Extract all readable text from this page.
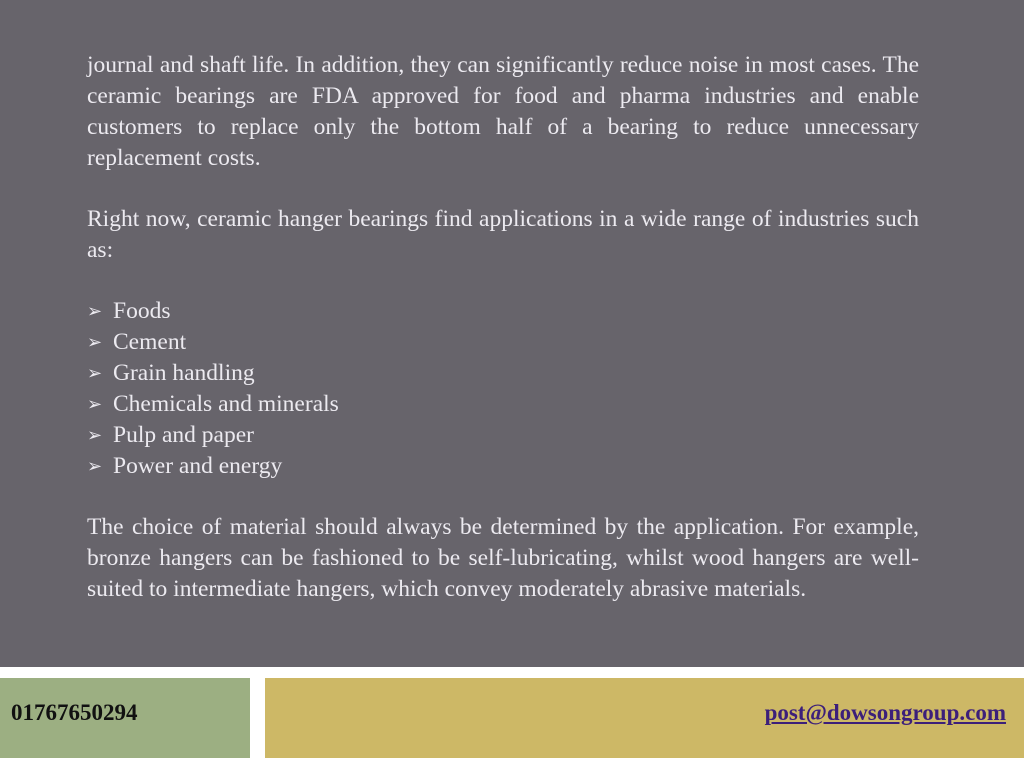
journal and shaft life. In addition, they can significantly reduce noise in most cases. The ceramic bearings are FDA approved for food and pharma industries and enable customers to replace only the bottom half of a bearing to reduce unnecessary replacement costs.

Right now, ceramic hanger bearings find applications in a wide range of industries such as:

➢ Foods
➢ Cement
➢ Grain handling
➢ Chemicals and minerals
➢ Pulp and paper
➢ Power and energy

The choice of material should always be determined by the application. For example, bronze hangers can be fashioned to be self-lubricating, whilst wood hangers are well-suited to intermediate hangers, which convey moderately abrasive materials.

01767650294	post@dowsongroup.com
